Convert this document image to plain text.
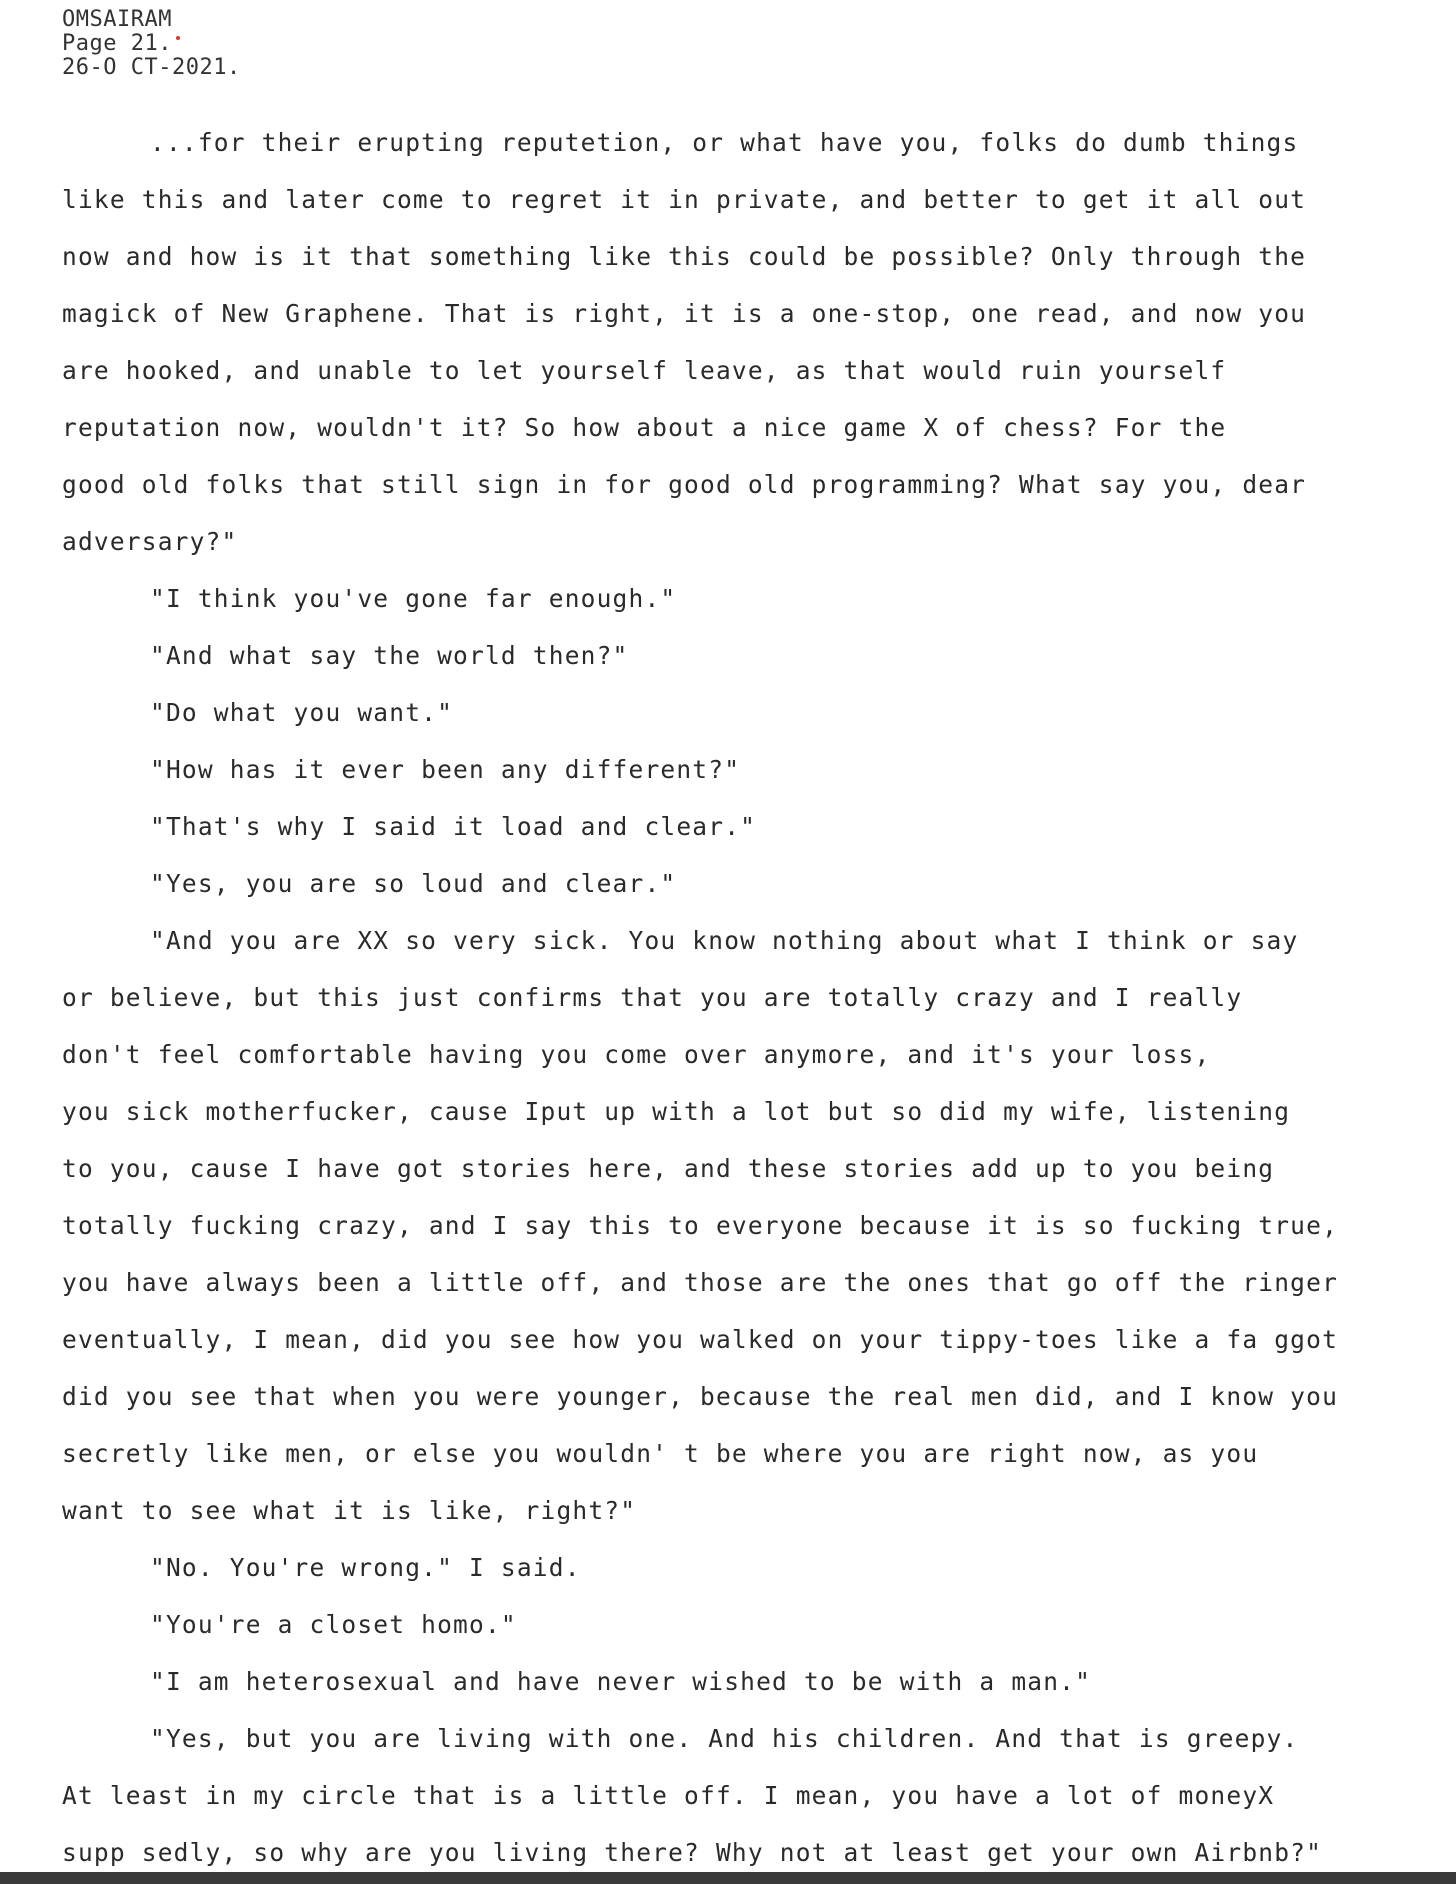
OMSAIRAM
Page 21.
26-O CT-2021.
...for their erupting reputetion, or what have you, folks do dumb things
like this and later come to regret it in private, and better to get it all out
now and how is it that something like this could be possible? Only through the
magick of New Graphene. That is right, it is a one-stop, one read, and now you
are hooked, and unable to let yourself leave, as that would ruin yourself
reputation now, wouldn't it? So how about a nice game X of chess? For the
good old folks that still sign in for good old programming? What say you, dear
adversary?"
"I think you've gone far enough."
"And what say the world then?"
"Do what you want."
"How has it ever been any different?"
"That's why I said it load and clear."
"Yes, you are so loud and clear."
"And you are XX so very sick. You know nothing about what I think or say
or believe, but this just confirms that you are totally crazy and I really
don't feel comfortable having you come over anymore, and it's your loss,
you sick motherfucker, cause Iput up with a lot but so did my wife, listening
to you, cause I have got stories here, and these stories add up to you being
totally fucking crazy, and I say this to everyone because it is so fucking true,
you have always been a little off, and those are the ones that go off the ringer
eventually, I mean, did you see how you walked on your tippy-toes like a fa ggot
did you see that when you were younger, because the real men did, and I know you
secretly like men, or else you wouldn' t be where you are right now, as you
want to see what it is like, right?"
"No. You're wrong." I said.
"You're a closet homo."
"I am heterosexual and have never wished to be with a man."
"Yes, but you are living with one. And his children. And that is greepy.
At least in my circle that is a little off. I mean, you have a lot of moneyX
supp sedly, so why are you living there? Why not at least get your own Airbnb?"
